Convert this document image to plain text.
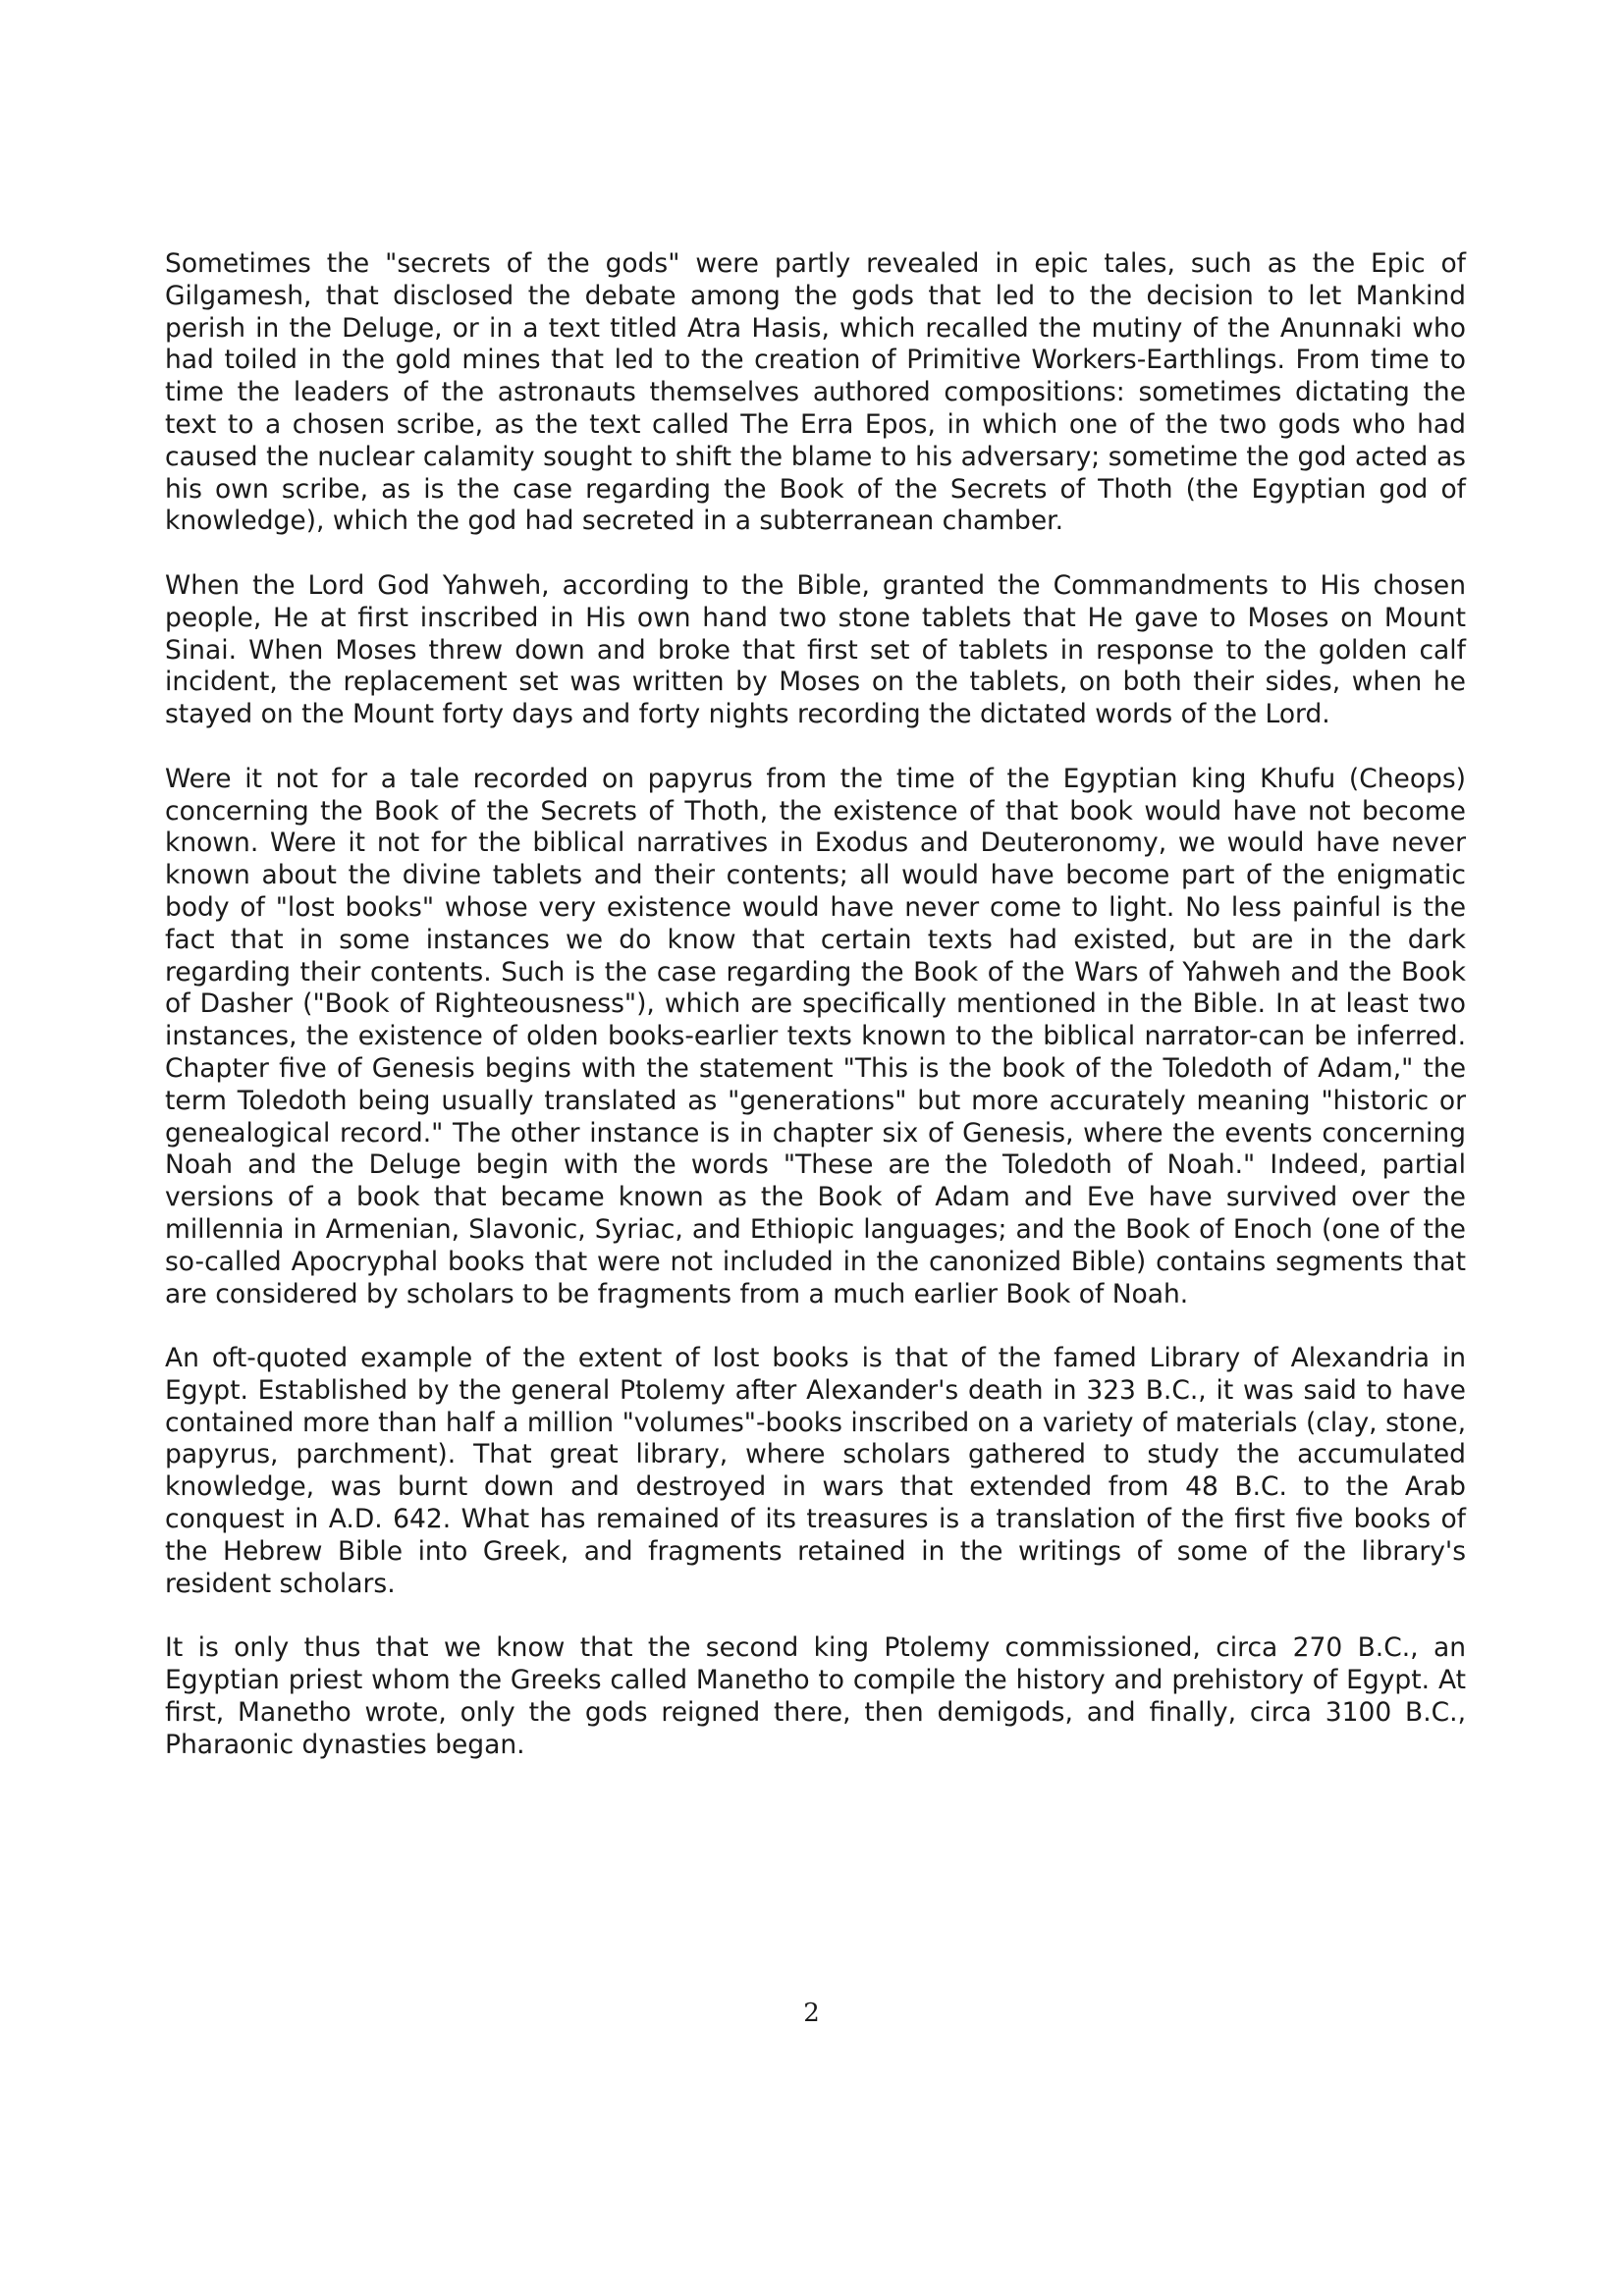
Sometimes the "secrets of the gods" were partly revealed in epic tales, such as the Epic of Gilgamesh, that disclosed the debate among the gods that led to the decision to let Mankind perish in the Deluge, or in a text titled Atra Hasis, which recalled the mutiny of the Anunnaki who had toiled in the gold mines that led to the creation of Primitive Workers-Earthlings. From time to time the leaders of the astronauts themselves authored compositions: sometimes dictating the text to a chosen scribe, as the text called The Erra Epos, in which one of the two gods who had caused the nuclear calamity sought to shift the blame to his adversary; sometime the god acted as his own scribe, as is the case regarding the Book of the Secrets of Thoth (the Egyptian god of knowledge), which the god had secreted in a subterranean chamber.

When the Lord God Yahweh, according to the Bible, granted the Commandments to His chosen people, He at first inscribed in His own hand two stone tablets that He gave to Moses on Mount Sinai. When Moses threw down and broke that first set of tablets in response to the golden calf incident, the replacement set was written by Moses on the tablets, on both their sides, when he stayed on the Mount forty days and forty nights recording the dictated words of the Lord.

Were it not for a tale recorded on papyrus from the time of the Egyptian king Khufu (Cheops) concerning the Book of the Secrets of Thoth, the existence of that book would have not become known. Were it not for the biblical narratives in Exodus and Deuteronomy, we would have never known about the divine tablets and their contents; all would have become part of the enigmatic body of "lost books" whose very existence would have never come to light. No less painful is the fact that in some instances we do know that certain texts had existed, but are in the dark regarding their contents. Such is the case regarding the Book of the Wars of Yahweh and the Book of Dasher ("Book of Righteousness"), which are specifically mentioned in the Bible. In at least two instances, the existence of olden books-earlier texts known to the biblical narrator-can be inferred. Chapter five of Genesis begins with the statement "This is the book of the Toledoth of Adam," the term Toledoth being usually translated as "generations" but more accurately meaning "historic or genealogical record." The other instance is in chapter six of Genesis, where the events concerning Noah and the Deluge begin with the words "These are the Toledoth of Noah." Indeed, partial versions of a book that became known as the Book of Adam and Eve have survived over the millennia in Armenian, Slavonic, Syriac, and Ethiopic languages; and the Book of Enoch (one of the so-called Apocryphal books that were not included in the canonized Bible) contains segments that are considered by scholars to be fragments from a much earlier Book of Noah.

An oft-quoted example of the extent of lost books is that of the famed Library of Alexandria in Egypt. Established by the general Ptolemy after Alexander's death in 323 B.C., it was said to have contained more than half a million "volumes"-books inscribed on a variety of materials (clay, stone, papyrus, parchment). That great library, where scholars gathered to study the accumulated knowledge, was burnt down and destroyed in wars that extended from 48 B.C. to the Arab conquest in A.D. 642. What has remained of its treasures is a translation of the first five books of the Hebrew Bible into Greek, and fragments retained in the writings of some of the library's resident scholars.

It is only thus that we know that the second king Ptolemy commissioned, circa 270 B.C., an Egyptian priest whom the Greeks called Manetho to compile the history and prehistory of Egypt. At first, Manetho wrote, only the gods reigned there, then demigods, and finally, circa 3100 B.C., Pharaonic dynasties began.

2
